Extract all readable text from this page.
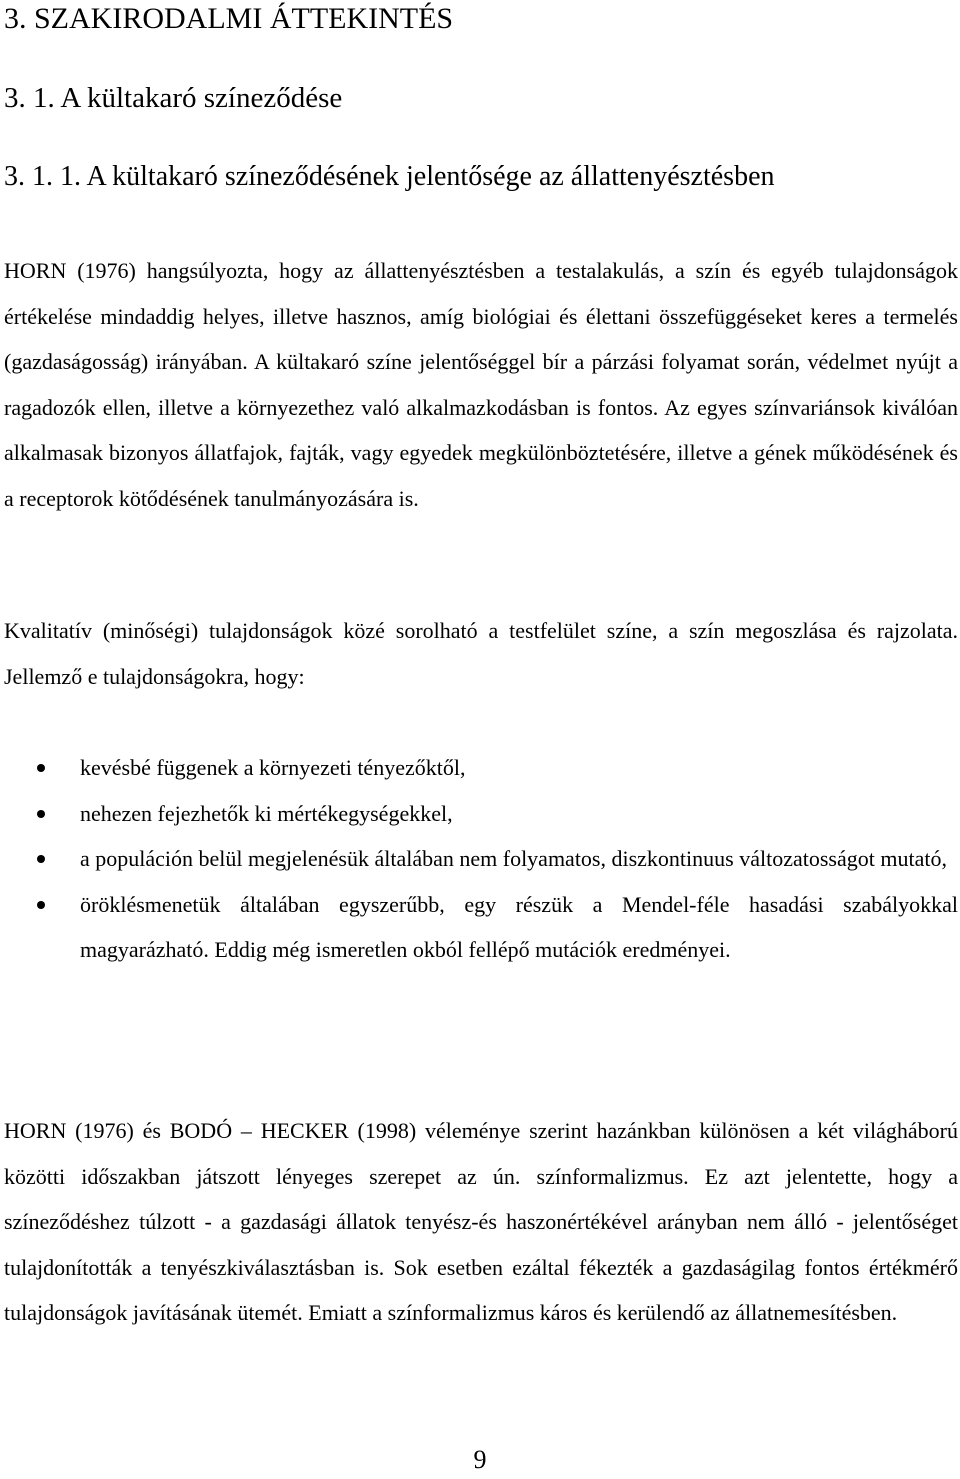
3. SZAKIRODALMI ÁTTEKINTÉS
3. 1. A kültakaró színeződése
3. 1. 1. A kültakaró színeződésének jelentősége az állattenyésztésben

HORN (1976) hangsúlyozta, hogy az állattenyésztésben a testalakulás, a szín és egyéb tulajdonságok értékelése mindaddig helyes, illetve hasznos, amíg biológiai és élettani összefüggéseket keres a termelés (gazdaságosság) irányában. A kültakaró színe jelentőséggel bír a párzási folyamat során, védelmet nyújt a ragadozók ellen, illetve a környezethez való alkalmazkodásban is fontos. Az egyes színvariánsok kiválóan alkalmasak bizonyos állatfajok, fajták, vagy egyedek megkülönböztetésére, illetve a gének működésének és a receptorok kötődésének tanulmányozására is.

Kvalitatív (minőségi) tulajdonságok közé sorolható a testfelület színe, a szín megoszlása és rajzolata. Jellemző e tulajdonságokra, hogy:

kevésbé függenek a környezeti tényezőktől,
nehezen fejezhetők ki mértékegységekkel,
a populáción belül megjelenésük általában nem folyamatos, diszkontinuus változatosságot mutató,
öröklésmenetük általában egyszerűbb, egy részük a Mendel-féle hasadási szabályokkal magyarázható. Eddig még ismeretlen okból fellépő mutációk eredményei.

HORN (1976) és BODÓ – HECKER (1998) véleménye szerint hazánkban különösen a két világháború közötti időszakban játszott lényeges szerepet az ún. színformalizmus. Ez azt jelentette, hogy a színeződéshez túlzott - a gazdasági állatok tenyész-és haszonértékével arányban nem álló - jelentőséget tulajdonították a tenyészkiválasztásban is. Sok esetben ezáltal fékezték a gazdaságilag fontos értékmérő tulajdonságok javításának ütemét. Emiatt a színformalizmus káros és kerülendő az állatnemesítésben.

9
